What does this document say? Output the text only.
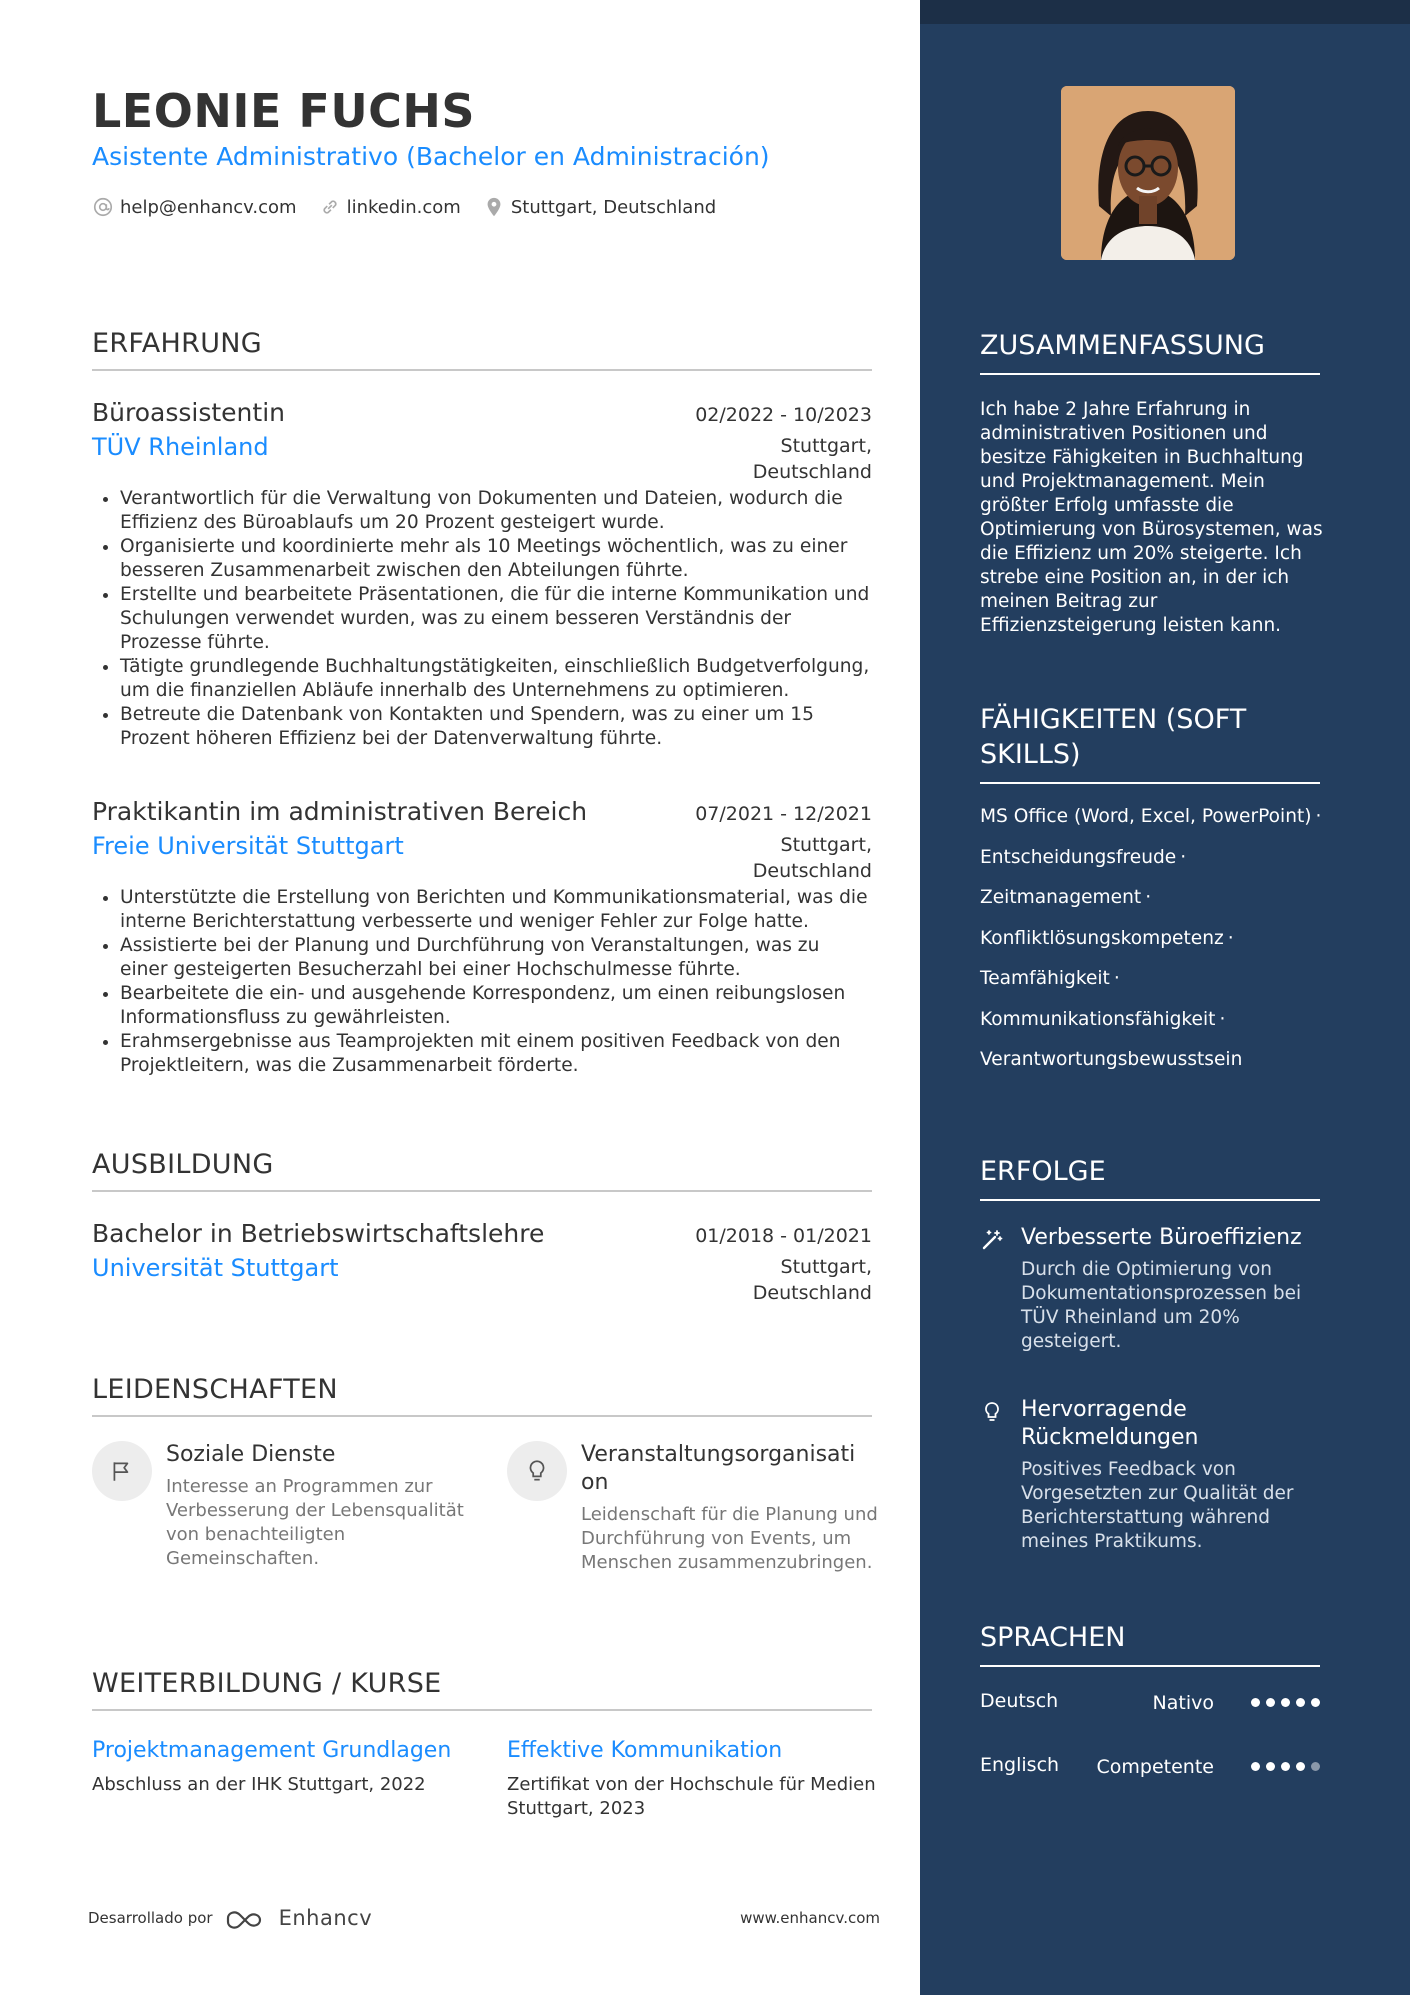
LEONIE FUCHS
Asistente Administrativo (Bachelor en Administración)
help@enhancv.com	linkedin.com	Stuttgart, Deutschland
ERFAHRUNG
Büroassistentin	02/2022 - 10/2023
TÜV Rheinland	Stuttgart, Deutschland
• Verantwortlich für die Verwaltung von Dokumenten und Dateien, wodurch die Effizienz des Büroablaufs um 20 Prozent gesteigert wurde.
• Organisierte und koordinierte mehr als 10 Meetings wöchentlich, was zu einer besseren Zusammenarbeit zwischen den Abteilungen führte.
• Erstellte und bearbeitete Präsentationen, die für die interne Kommunikation und Schulungen verwendet wurden, was zu einem besseren Verständnis der Prozesse führte.
• Tätigte grundlegende Buchhaltungstätigkeiten, einschließlich Budgetverfolgung, um die finanziellen Abläufe innerhalb des Unternehmens zu optimieren.
• Betreute die Datenbank von Kontakten und Spendern, was zu einer um 15 Prozent höheren Effizienz bei der Datenverwaltung führte.
Praktikantin im administrativen Bereich	07/2021 - 12/2021
Freie Universität Stuttgart	Stuttgart, Deutschland
• Unterstützte die Erstellung von Berichten und Kommunikationsmaterial, was die interne Berichterstattung verbesserte und weniger Fehler zur Folge hatte.
• Assistierte bei der Planung und Durchführung von Veranstaltungen, was zu einer gesteigerten Besucherzahl bei einer Hochschulmesse führte.
• Bearbeitete die ein- und ausgehende Korrespondenz, um einen reibungslosen Informationsfluss zu gewährleisten.
• Erahmsergebnisse aus Teamprojekten mit einem positiven Feedback von den Projektleitern, was die Zusammenarbeit förderte.
AUSBILDUNG
Bachelor in Betriebswirtschaftslehre	01/2018 - 01/2021
Universität Stuttgart	Stuttgart, Deutschland
LEIDENSCHAFTEN
Soziale Dienste
Interesse an Programmen zur Verbesserung der Lebensqualität von benachteiligten Gemeinschaften.
Veranstaltungsorganisati on
Leidenschaft für die Planung und Durchführung von Events, um Menschen zusammenzubringen.
WEITERBILDUNG / KURSE
Projektmanagement Grundlagen
Abschluss an der IHK Stuttgart, 2022
Effektive Kommunikation
Zertifikat von der Hochschule für Medien Stuttgart, 2023
Desarrollado por	Enhancv	www.enhancv.com
ZUSAMMENFASSUNG
Ich habe 2 Jahre Erfahrung in administrativen Positionen und besitze Fähigkeiten in Buchhaltung und Projektmanagement. Mein größter Erfolg umfasste die Optimierung von Bürosystemen, was die Effizienz um 20% steigerte. Ich strebe eine Position an, in der ich meinen Beitrag zur Effizienzsteigerung leisten kann.
FÄHIGKEITEN (SOFT SKILLS)
MS Office (Word, Excel, PowerPoint) ·
Entscheidungsfreude ·
Zeitmanagement ·
Konfliktlösungskompetenz ·
Teamfähigkeit ·
Kommunikationsfähigkeit ·
Verantwortungsbewusstsein
ERFOLGE
Verbesserte Büroeffizienz
Durch die Optimierung von Dokumentationsprozessen bei TÜV Rheinland um 20% gesteigert.
Hervorragende Rückmeldungen
Positives Feedback von Vorgesetzten zur Qualität der Berichterstattung während meines Praktikums.
SPRACHEN
Deutsch	Nativo
Englisch Competente
